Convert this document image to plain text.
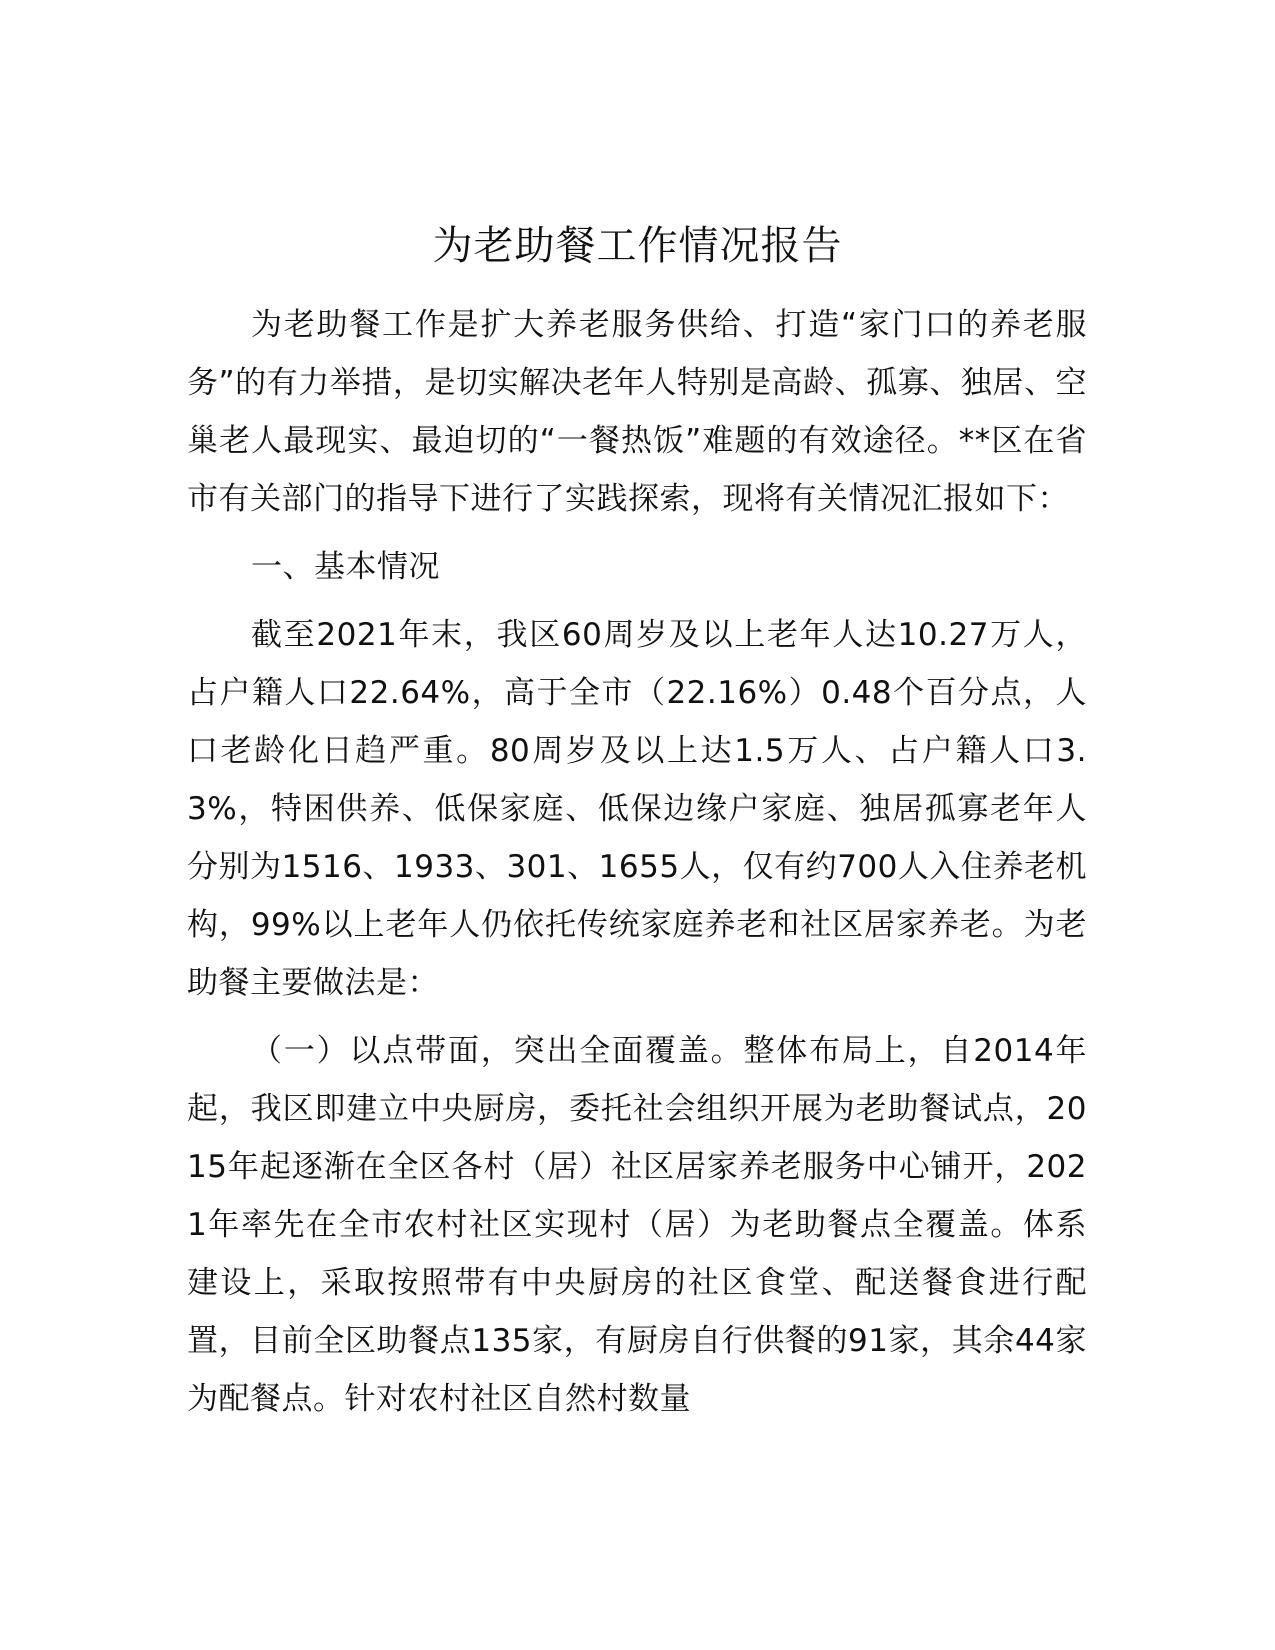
为老助餐工作情况报告

为老助餐工作是扩大养老服务供给、打造“家门口的养老服务”的有力举措，是切实解决老年人特别是高龄、孤寡、独居、空巢老人最现实、最迫切的“一餐热饭”难题的有效途径。**区在省市有关部门的指导下进行了实践探索，现将有关情况汇报如下：

一、基本情况

截至2021年末，我区60周岁及以上老年人达10.27万人，占户籍人口22.64%，高于全市（22.16%）0.48个百分点，人口老龄化日趋严重。80周岁及以上达1.5万人、占户籍人口3.3%，特困供养、低保家庭、低保边缘户家庭、独居孤寡老年人分别为1516、1933、301、1655人，仅有约700人入住养老机构，99%以上老年人仍依托传统家庭养老和社区居家养老。为老助餐主要做法是：

（一）以点带面，突出全面覆盖。整体布局上，自2014年起，我区即建立中央厨房，委托社会组织开展为老助餐试点，2015年起逐渐在全区各村（居）社区居家养老服务中心铺开，2021年率先在全市农村社区实现村（居）为老助餐点全覆盖。体系建设上，采取按照带有中央厨房的社区食堂、配送餐食进行配置，目前全区助餐点135家，有厨房自行供餐的91家，其余44家为配餐点。针对农村社区自然村数量
